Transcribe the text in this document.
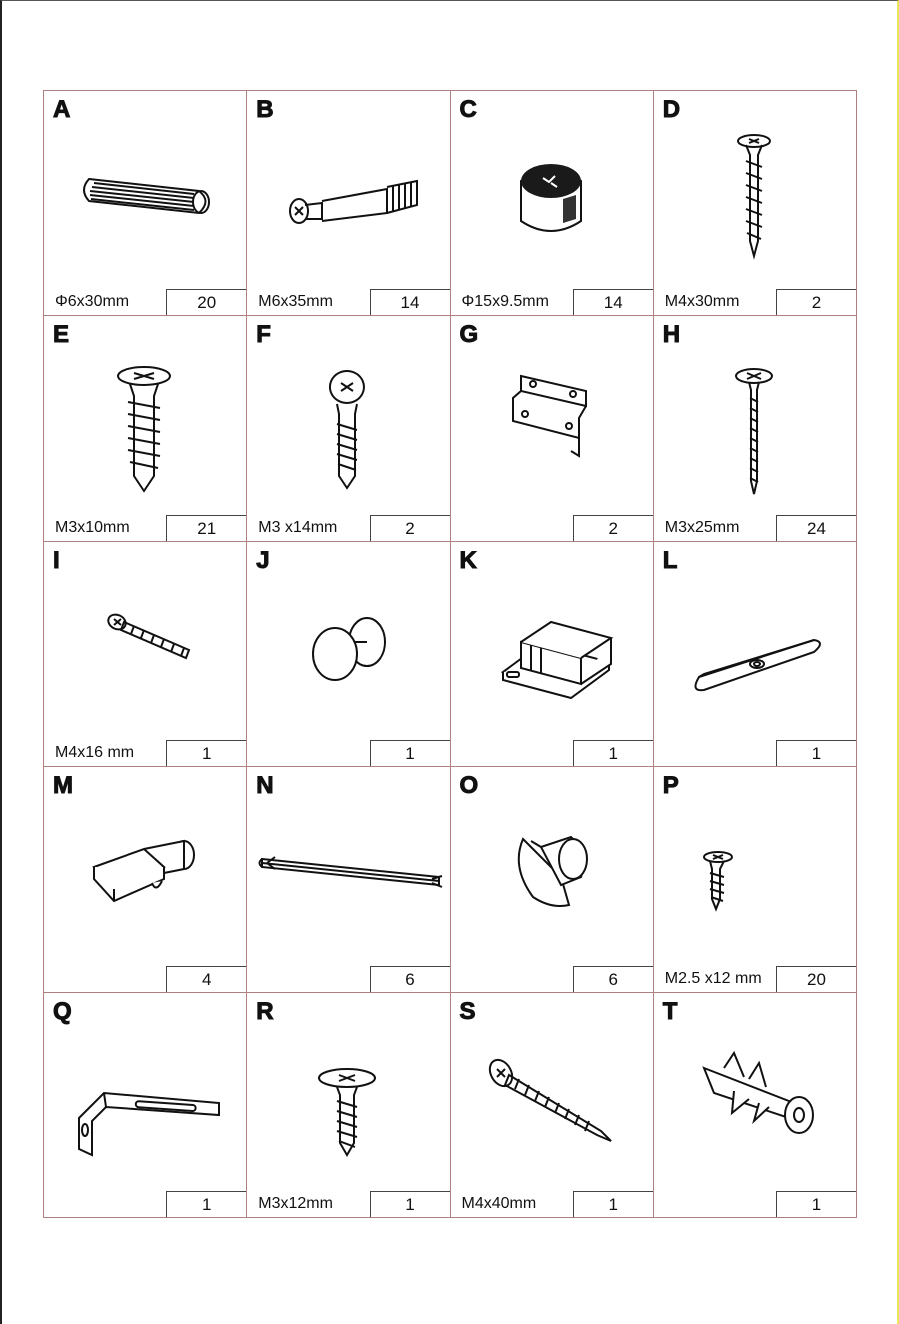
A
Φ6x30mm	20
B
M6x35mm	14
C
Φ15x9.5mm	14
D
M4x30mm	2
E
M3x10mm	21
F
M3 x14mm	2
G
2
H
M3x25mm	24
I
M4x16 mm	1
J
1
K
1
L
1
M
4
N
6
O
6
P
M2.5 x12 mm	20
Q
1
R
M3x12mm	1
S
M4x40mm	1
T
1
